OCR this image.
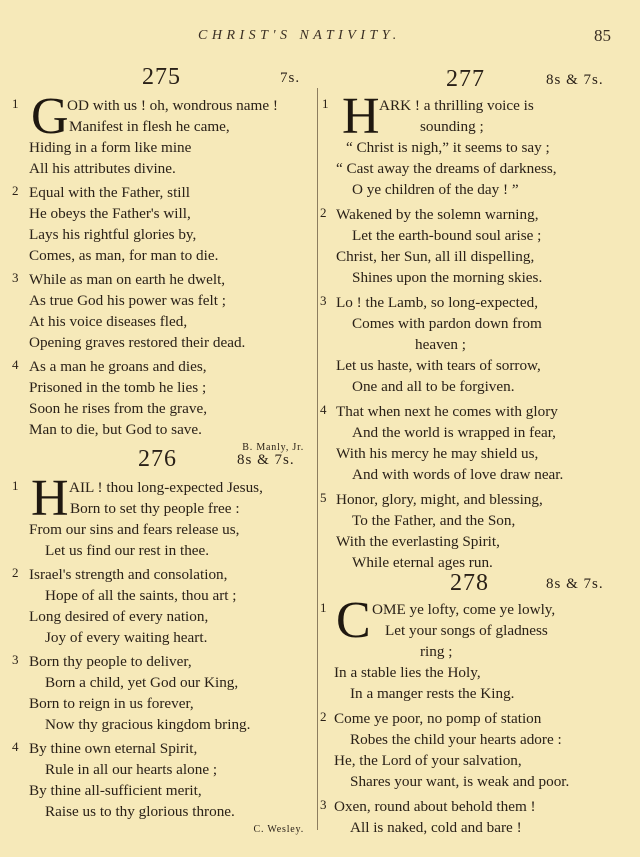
CHRIST'S NATIVITY.	85
275	7s.
1 G
OD with us ! oh, wondrous name !
Manifest in flesh he came,
Hiding in a form like mine
All his attributes divine.
2 Equal with the Father, still
He obeys the Father's will,
Lays his rightful glories by,
Comes, as man, for man to die.
3 While as man on earth he dwelt,
As true God his power was felt ;
At his voice diseases fled,
Opening graves restored their dead.
4 As a man he groans and dies,
Prisoned in the tomb he lies ;
Soon he rises from the grave,
Man to die, but God to save.
B. Manly, Jr.
276	8s & 7s.
1 H AIL ! thou long-expected Jesus,
Born to set thy people free :
From our sins and fears release us,
Let us find our rest in thee.
2 Israel's strength and consolation,
Hope of all the saints, thou art ;
Long desired of every nation,
Joy of every waiting heart.
3 Born thy people to deliver,
Born a child, yet God our King,
Born to reign in us forever,
Now thy gracious kingdom bring.
4 By thine own eternal Spirit,
Rule in all our hearts alone ;
By thine all-sufficient merit,
Raise us to thy glorious throne.
C. Wesley.
277	8s & 7s.
1 H ARK ! a thrilling voice is
sounding ;
“ Christ is nigh,” it seems to say ;
“ Cast away the dreams of darkness,
O ye children of the day ! ”
2 Wakened by the solemn warning,
Let the earth-bound soul arise ;
Christ, her Sun, all ill dispelling,
Shines upon the morning skies.
3 Lo ! the Lamb, so long-expected,
Comes with pardon down from
heaven ;
Let us haste, with tears of sorrow,
One and all to be forgiven.
4 That when next he comes with glory
And the world is wrapped in fear,
With his mercy he may shield us,
And with words of love draw near.
5 Honor, glory, might, and blessing,
To the Father, and the Son,
With the everlasting Spirit,
While eternal ages run.
278	8s & 7s.
1 C OME ye lofty, come ye lowly,
Let your songs of gladness
ring ;
In a stable lies the Holy,
In a manger rests the King.
2 Come ye poor, no pomp of station
Robes the child your hearts adore :
He, the Lord of your salvation,
Shares your want, is weak and poor.
3 Oxen, round about behold them !
All is naked, cold and bare !
